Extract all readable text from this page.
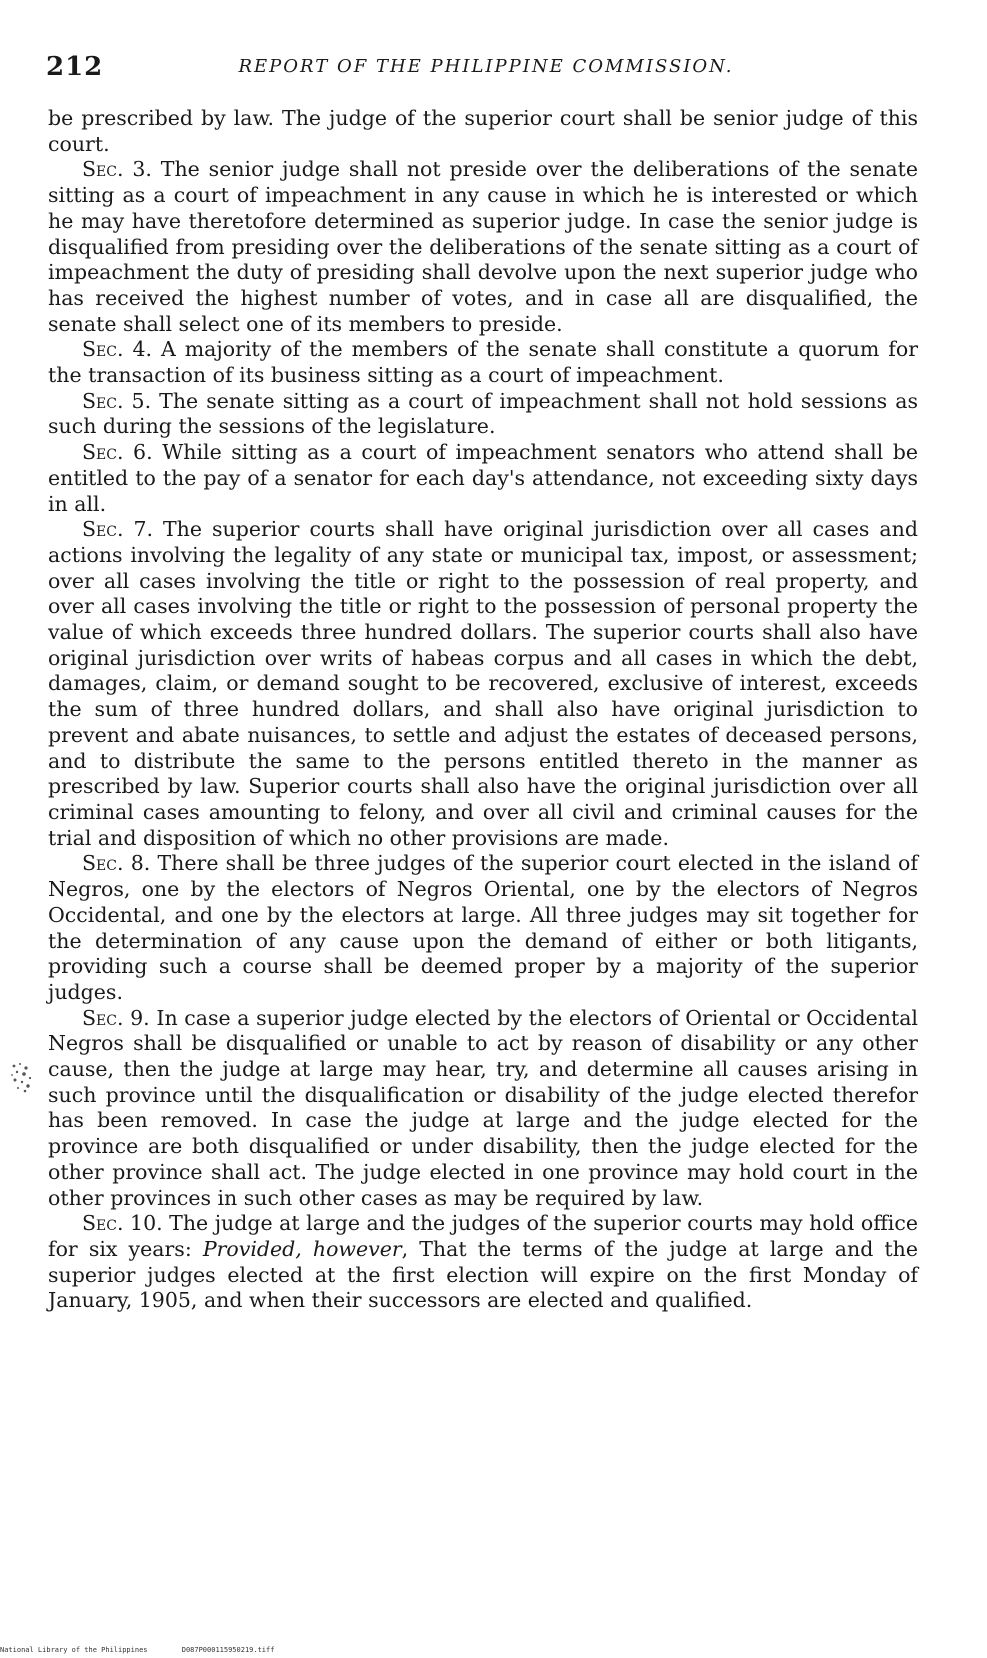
212	REPORT OF THE PHILIPPINE COMMISSION.

be prescribed by law. The judge of the superior court shall be senior judge of this court.

Sec. 3. The senior judge shall not preside over the deliberations of the senate sitting as a court of impeachment in any cause in which he is interested or which he may have theretofore determined as superior judge. In case the senior judge is disqualified from presiding over the deliberations of the senate sitting as a court of impeachment the duty of presiding shall devolve upon the next superior judge who has received the highest number of votes, and in case all are disqualified, the senate shall select one of its members to preside.

Sec. 4. A majority of the members of the senate shall constitute a quorum for the transaction of its business sitting as a court of impeachment.

Sec. 5. The senate sitting as a court of impeachment shall not hold sessions as such during the sessions of the legislature.

Sec. 6. While sitting as a court of impeachment senators who attend shall be entitled to the pay of a senator for each day's attendance, not exceeding sixty days in all.

Sec. 7. The superior courts shall have original jurisdiction over all cases and actions involving the legality of any state or municipal tax, impost, or assessment; over all cases involving the title or right to the possession of real property, and over all cases involving the title or right to the possession of personal property the value of which exceeds three hundred dollars. The superior courts shall also have original jurisdiction over writs of habeas corpus and all cases in which the debt, damages, claim, or demand sought to be recovered, exclusive of interest, exceeds the sum of three hundred dollars, and shall also have original jurisdiction to prevent and abate nuisances, to settle and adjust the estates of deceased persons, and to distribute the same to the persons entitled thereto in the manner as prescribed by law. Superior courts shall also have the original jurisdiction over all criminal cases amounting to felony, and over all civil and criminal causes for the trial and disposition of which no other provisions are made.

Sec. 8. There shall be three judges of the superior court elected in the island of Negros, one by the electors of Negros Oriental, one by the electors of Negros Occidental, and one by the electors at large. All three judges may sit together for the determination of any cause upon the demand of either or both litigants, providing such a course shall be deemed proper by a majority of the superior judges.

Sec. 9. In case a superior judge elected by the electors of Oriental or Occidental Negros shall be disqualified or unable to act by reason of disability or any other cause, then the judge at large may hear, try, and determine all causes arising in such province until the disqualification or disability of the judge elected therefor has been removed. In case the judge at large and the judge elected for the province are both disqualified or under disability, then the judge elected for the other province shall act. The judge elected in one province may hold court in the other provinces in such other cases as may be required by law.

Sec. 10. The judge at large and the judges of the superior courts may hold office for six years: Provided, however, That the terms of the judge at large and the superior judges elected at the first election will expire on the first Monday of January, 1905, and when their successors are elected and qualified.

National Library of the Philippines	D087P000115950219.tiff
